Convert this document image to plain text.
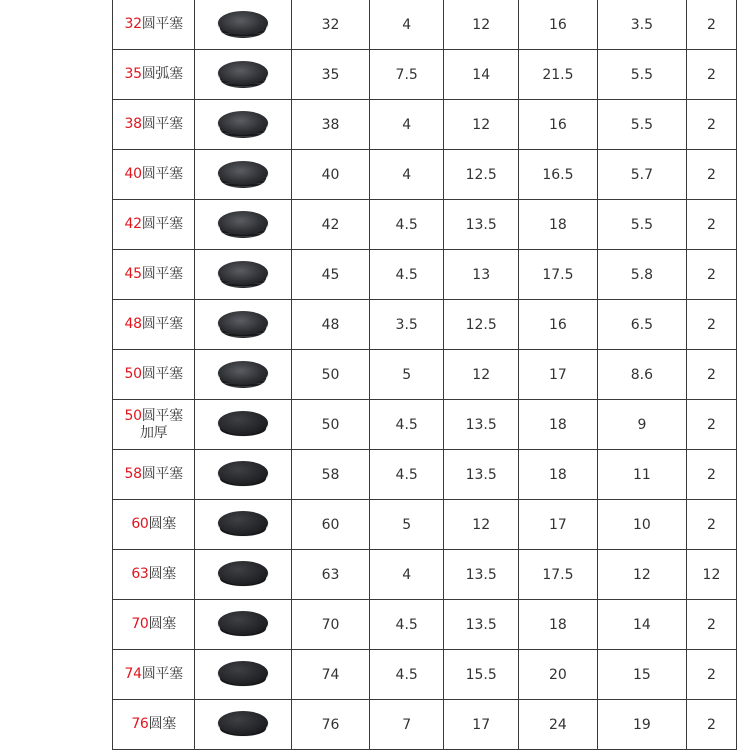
32圆平塞		32	4	12	16	3.5	2
35圆弧塞		35	7.5	14	21.5	5.5	2
38圆平塞		38	4	12	16	5.5	2
40圆平塞		40	4	12.5	16.5	5.7	2
42圆平塞		42	4.5	13.5	18	5.5	2
45圆平塞		45	4.5	13	17.5	5.8	2
48圆平塞		48	3.5	12.5	16	6.5	2
50圆平塞		50	5	12	17	8.6	2
50圆平塞
加厚		50	4.5	13.5	18	9	2
58圆平塞		58	4.5	13.5	18	11	2
60圆塞		60	5	12	17	10	2
63圆塞		63	4	13.5	17.5	12	12
70圆塞		70	4.5	13.5	18	14	2
74圆平塞		74	4.5	15.5	20	15	2
76圆塞		76	7	17	24	19	2
